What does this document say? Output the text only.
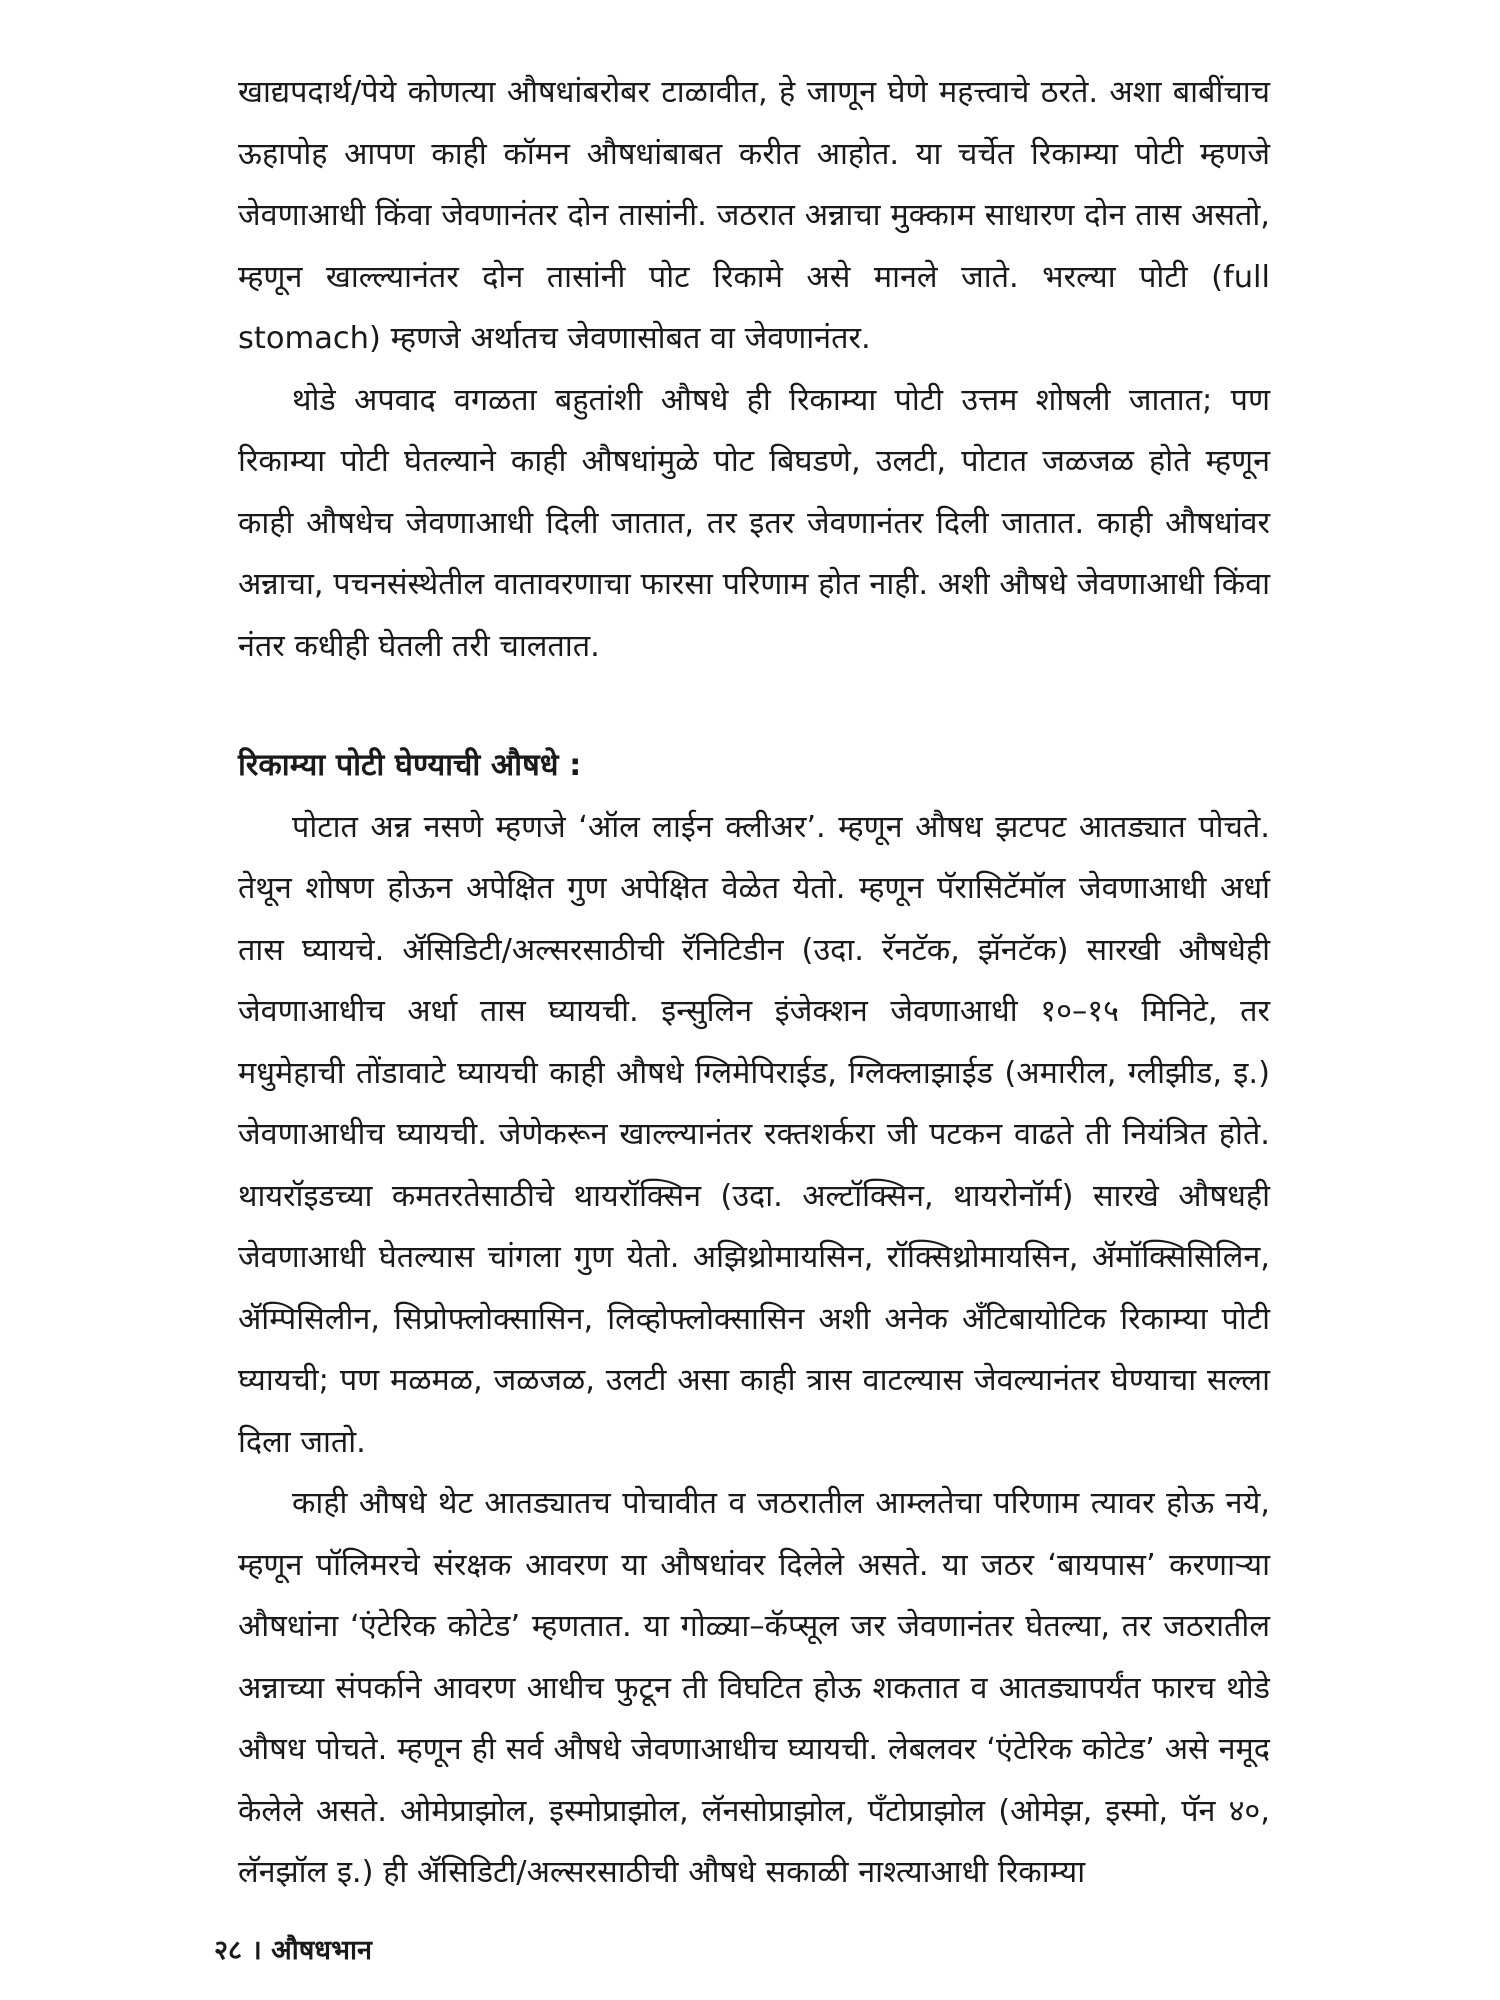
खाद्यपदार्थ/पेये कोणत्या औषधांबरोबर टाळावीत, हे जाणून घेणे महत्त्वाचे ठरते. अशा बाबींचाच ऊहापोह आपण काही कॉमन औषधांबाबत करीत आहोत. या चर्चेत रिकाम्या पोटी म्हणजे जेवणाआधी किंवा जेवणानंतर दोन तासांनी. जठरात अन्नाचा मुक्काम साधारण दोन तास असतो, म्हणून खाल्ल्यानंतर दोन तासांनी पोट रिकामे असे मानले जाते. भरल्या पोटी (full stomach) म्हणजे अर्थातच जेवणासोबत वा जेवणानंतर.

थोडे अपवाद वगळता बहुतांशी औषधे ही रिकाम्या पोटी उत्तम शोषली जातात; पण रिकाम्या पोटी घेतल्याने काही औषधांमुळे पोट बिघडणे, उलटी, पोटात जळजळ होते म्हणून काही औषधेच जेवणाआधी दिली जातात, तर इतर जेवणानंतर दिली जातात. काही औषधांवर अन्नाचा, पचनसंस्थेतील वातावरणाचा फारसा परिणाम होत नाही. अशी औषधे जेवणाआधी किंवा नंतर कधीही घेतली तरी चालतात.

रिकाम्या पोटी घेण्याची औषधे :

पोटात अन्न नसणे म्हणजे ‘ऑल लाईन क्लीअर’. म्हणून औषध झटपट आतड्यात पोचते. तेथून शोषण होऊन अपेक्षित गुण अपेक्षित वेळेत येतो. म्हणून पॅरासिटॅमॉल जेवणाआधी अर्धा तास घ्यायचे. ॲसिडिटी/अल्सरसाठीची रॅनिटिडीन (उदा. रॅनटॅक, झॅनटॅक) सारखी औषधेही जेवणाआधीच अर्धा तास घ्यायची. इन्सुलिन इंजेक्शन जेवणाआधी १०–१५ मिनिटे, तर मधुमेहाची तोंडावाटे घ्यायची काही औषधे ग्लिमेपिराईड, ग्लिक्लाझाईड (अमारील, ग्लीझीड, इ.) जेवणाआधीच घ्यायची. जेणेकरून खाल्ल्यानंतर रक्तशर्करा जी पटकन वाढते ती नियंत्रित होते. थायरॉइडच्या कमतरतेसाठीचे थायरॉक्सिन (उदा. अल्टॉक्सिन, थायरोनॉर्म) सारखे औषधही जेवणाआधी घेतल्यास चांगला गुण येतो. अझिथ्रोमायसिन, रॉक्सिथ्रोमायसिन, ॲमॉक्सिसिलिन, ॲम्पिसिलीन, सिप्रोफ्लोक्सासिन, लिव्होफ्लोक्सासिन अशी अनेक ॲंटिबायोटिक रिकाम्या पोटी घ्यायची; पण मळमळ, जळजळ, उलटी असा काही त्रास वाटल्यास जेवल्यानंतर घेण्याचा सल्ला दिला जातो.

काही औषधे थेट आतड्यातच पोचावीत व जठरातील आम्लतेचा परिणाम त्यावर होऊ नये, म्हणून पॉलिमरचे संरक्षक आवरण या औषधांवर दिलेले असते. या जठर ‘बायपास’ करणाऱ्या औषधांना ‘एंटेरिक कोटेड’ म्हणतात. या गोळ्या–कॅप्सूल जर जेवणानंतर घेतल्या, तर जठरातील अन्नाच्या संपर्काने आवरण आधीच फुटून ती विघटित होऊ शकतात व आतड्यापर्यंत फारच थोडे औषध पोचते. म्हणून ही सर्व औषधे जेवणाआधीच घ्यायची. लेबलवर ‘एंटेरिक कोटेड’ असे नमूद केलेले असते. ओमेप्राझोल, इस्मोप्राझोल, लॅनसोप्राझोल, पॅंटोप्राझोल (ओमेझ, इस्मो, पॅन ४०, लॅनझॉल इ.) ही ॲसिडिटी/अल्सरसाठीची औषधे सकाळी नाश्त्याआधी रिकाम्या

२८ । औषधभान
